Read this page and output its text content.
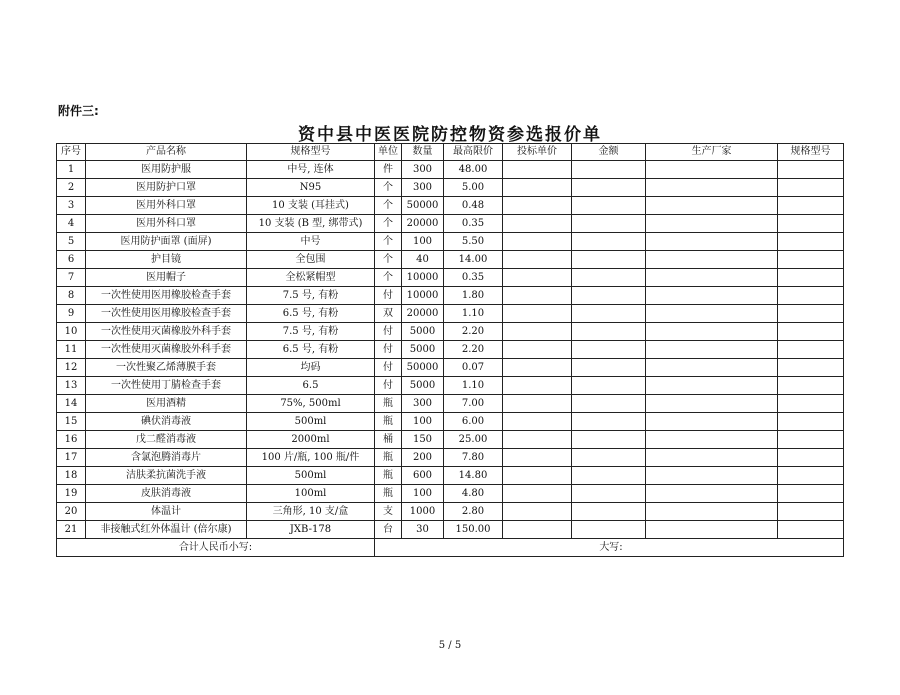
附件三:
资中县中医医院防控物资参选报价单
序号	产品名称	规格型号	单位	数量	最高限价	投标单价	金额	生产厂家	规格型号
1	医用防护服	中号, 连体	件	300	48.00				
2	医用防护口罩	N95	个	300	5.00				
3	医用外科口罩	10 支装 (耳挂式)	个	50000	0.48				
4	医用外科口罩	10 支装 (B 型, 绑带式)	个	20000	0.35				
5	医用防护面罩 (面屏)	中号	个	100	5.50				
6	护目镜	全包围	个	40	14.00				
7	医用帽子	全松紧帽型	个	10000	0.35				
8	一次性使用医用橡胶检查手套	7.5 号, 有粉	付	10000	1.80				
9	一次性使用医用橡胶检查手套	6.5 号, 有粉	双	20000	1.10				
10	一次性使用灭菌橡胶外科手套	7.5 号, 有粉	付	5000	2.20				
11	一次性使用灭菌橡胶外科手套	6.5 号, 有粉	付	5000	2.20				
12	一次性聚乙烯薄膜手套	均码	付	50000	0.07				
13	一次性使用丁腈检查手套	6.5	付	5000	1.10				
14	医用酒精	75%, 500ml	瓶	300	7.00				
15	碘伏消毒液	500ml	瓶	100	6.00				
16	戊二醛消毒液	2000ml	桶	150	25.00				
17	含氯泡腾消毒片	100 片/瓶, 100 瓶/件	瓶	200	7.80				
18	洁肤柔抗菌洗手液	500ml	瓶	600	14.80				
19	皮肤消毒液	100ml	瓶	100	4.80				
20	体温计	三角形, 10 支/盒	支	1000	2.80				
21	非接触式红外体温计 (倍尔康)	JXB-178	台	30	150.00				
合计人民币小写:			大写:						
5 / 5
